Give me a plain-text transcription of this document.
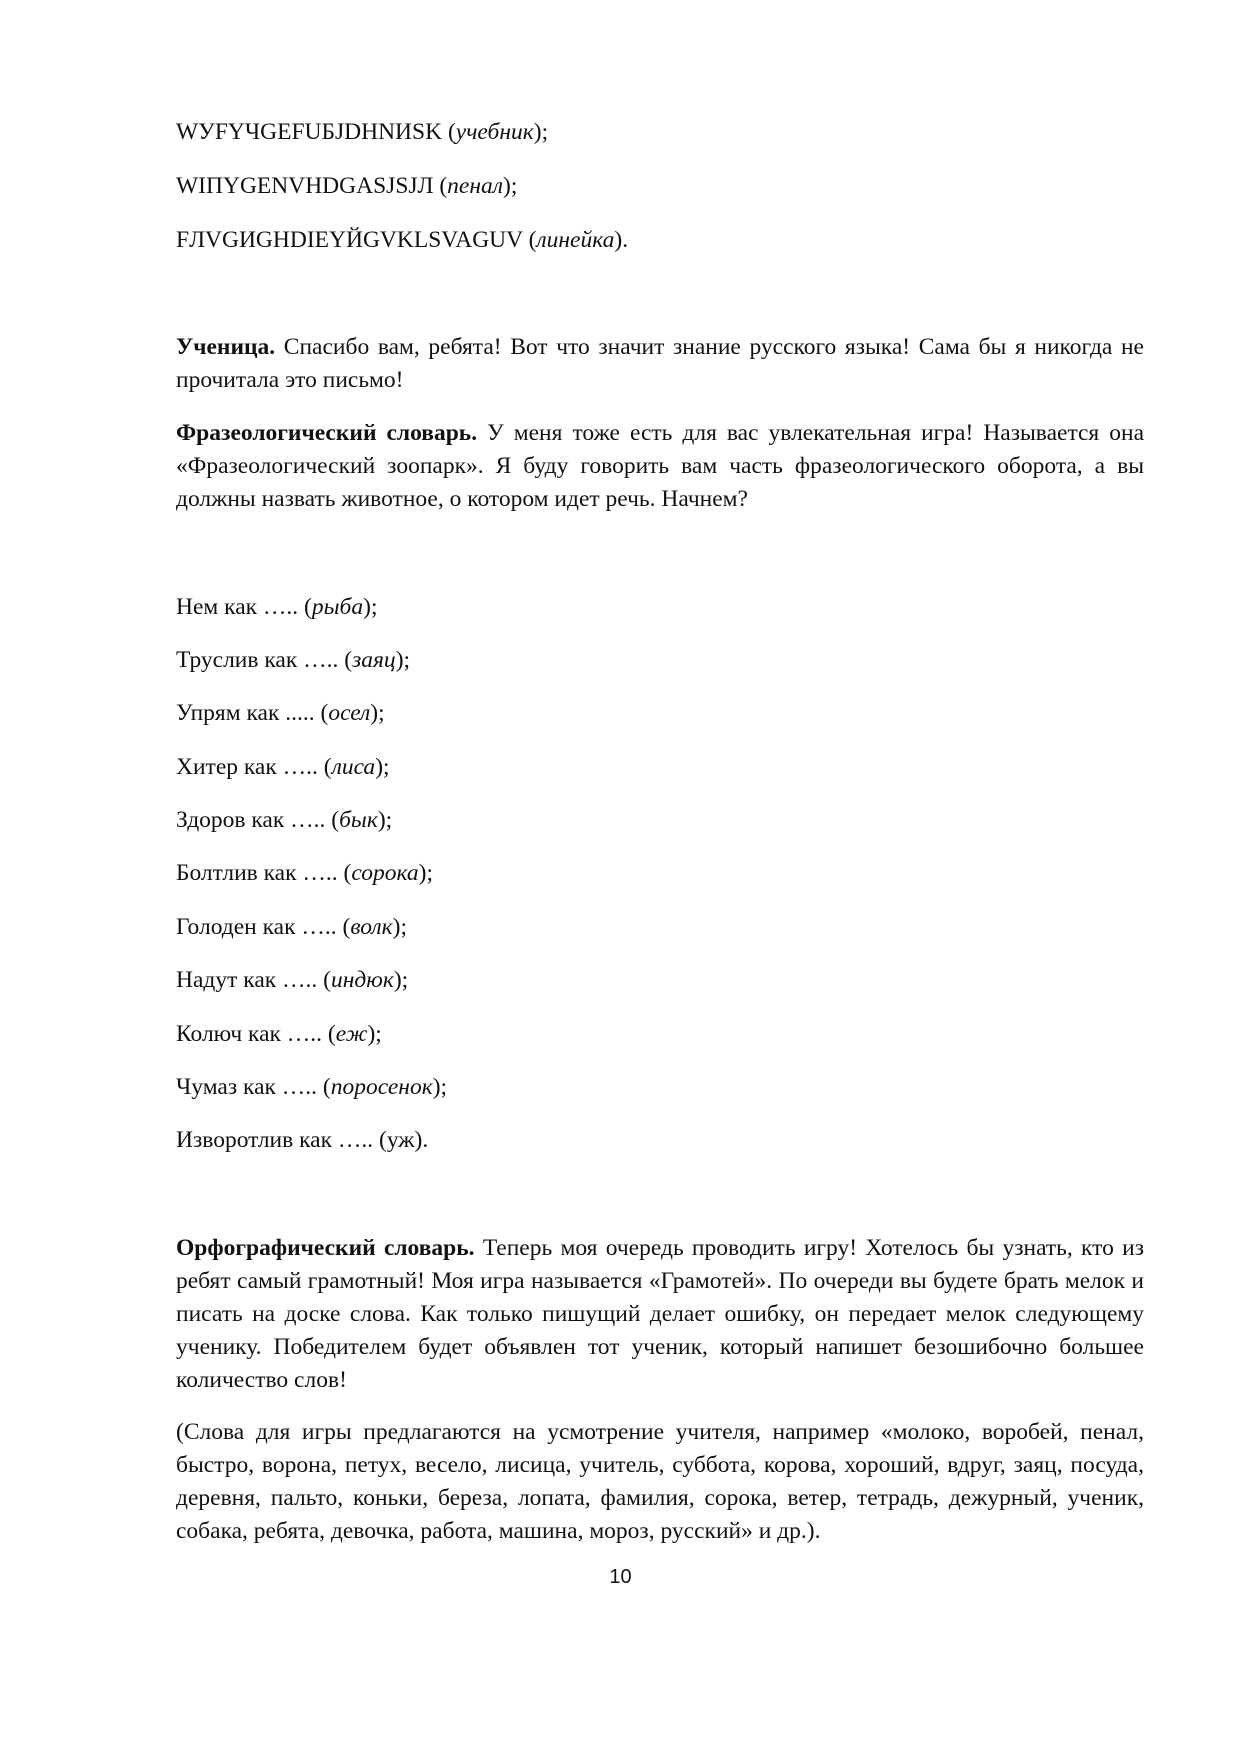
WУFYЧGEFUБJDHNИSK (учебник);
WIПYGENVHDGASJSJЛ (пенал);
FЛVGИGHDIEYЙGVKLSVAGUV (линейка).
Ученица. Спасибо вам, ребята! Вот что значит знание русского языка! Сама бы я никогда не прочитала это письмо!
Фразеологический словарь. У меня тоже есть для вас увлекательная игра! Называется она «Фразеологический зоопарк». Я буду говорить вам часть фразеологического оборота, а вы должны назвать животное, о котором идет речь. Начнем?
Нем как ….. (рыба);
Труслив как ….. (заяц);
Упрям как ..... (осел);
Хитер как ….. (лиса);
Здоров как ….. (бык);
Болтлив как ….. (сорока);
Голоден как ….. (волк);
Надут как ….. (индюк);
Колюч как ….. (еж);
Чумаз как ….. (поросенок);
Изворотлив как ….. (уж).
Орфографический словарь. Теперь моя очередь проводить игру! Хотелось бы узнать, кто из ребят самый грамотный! Моя игра называется «Грамотей». По очереди вы будете брать мелок и писать на доске слова. Как только пишущий делает ошибку, он передает мелок следующему ученику. Победителем будет объявлен тот ученик, который напишет безошибочно большее количество слов!
(Слова для игры предлагаются на усмотрение учителя, например «молоко, воробей, пенал, быстро, ворона, петух, весело, лисица, учитель, суббота, корова, хороший, вдруг, заяц, посуда, деревня, пальто, коньки, береза, лопата, фамилия, сорока, ветер, тетрадь, дежурный, ученик, собака, ребята, девочка, работа, машина, мороз, русский» и др.).
10
